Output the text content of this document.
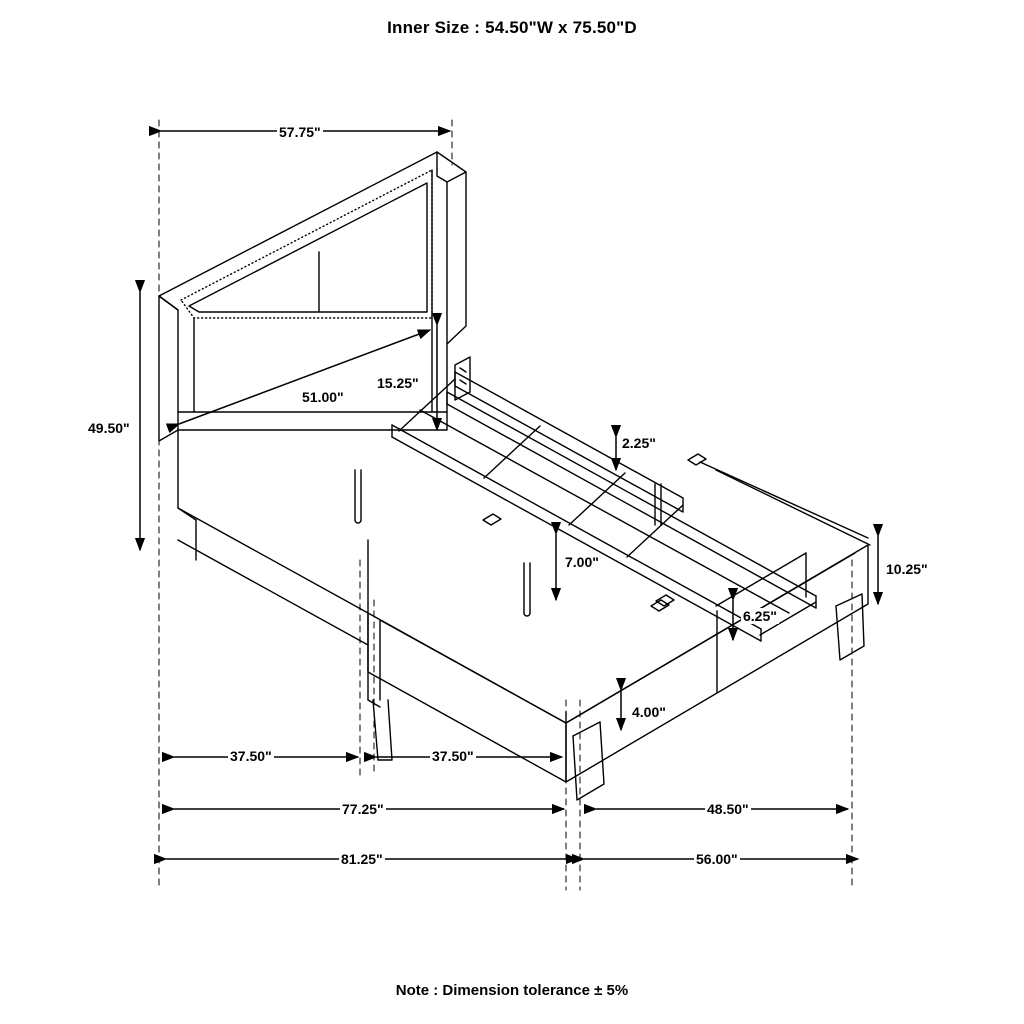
Inner Size : 54.50"W x 75.50"D
57.75"
49.50"
51.00"
15.25"
2.25"
7.00"
6.25"
4.00"
10.25"
37.50"	37.50"
77.25"	48.50"
81.25"	56.00"
Note : Dimension tolerance ± 5%
